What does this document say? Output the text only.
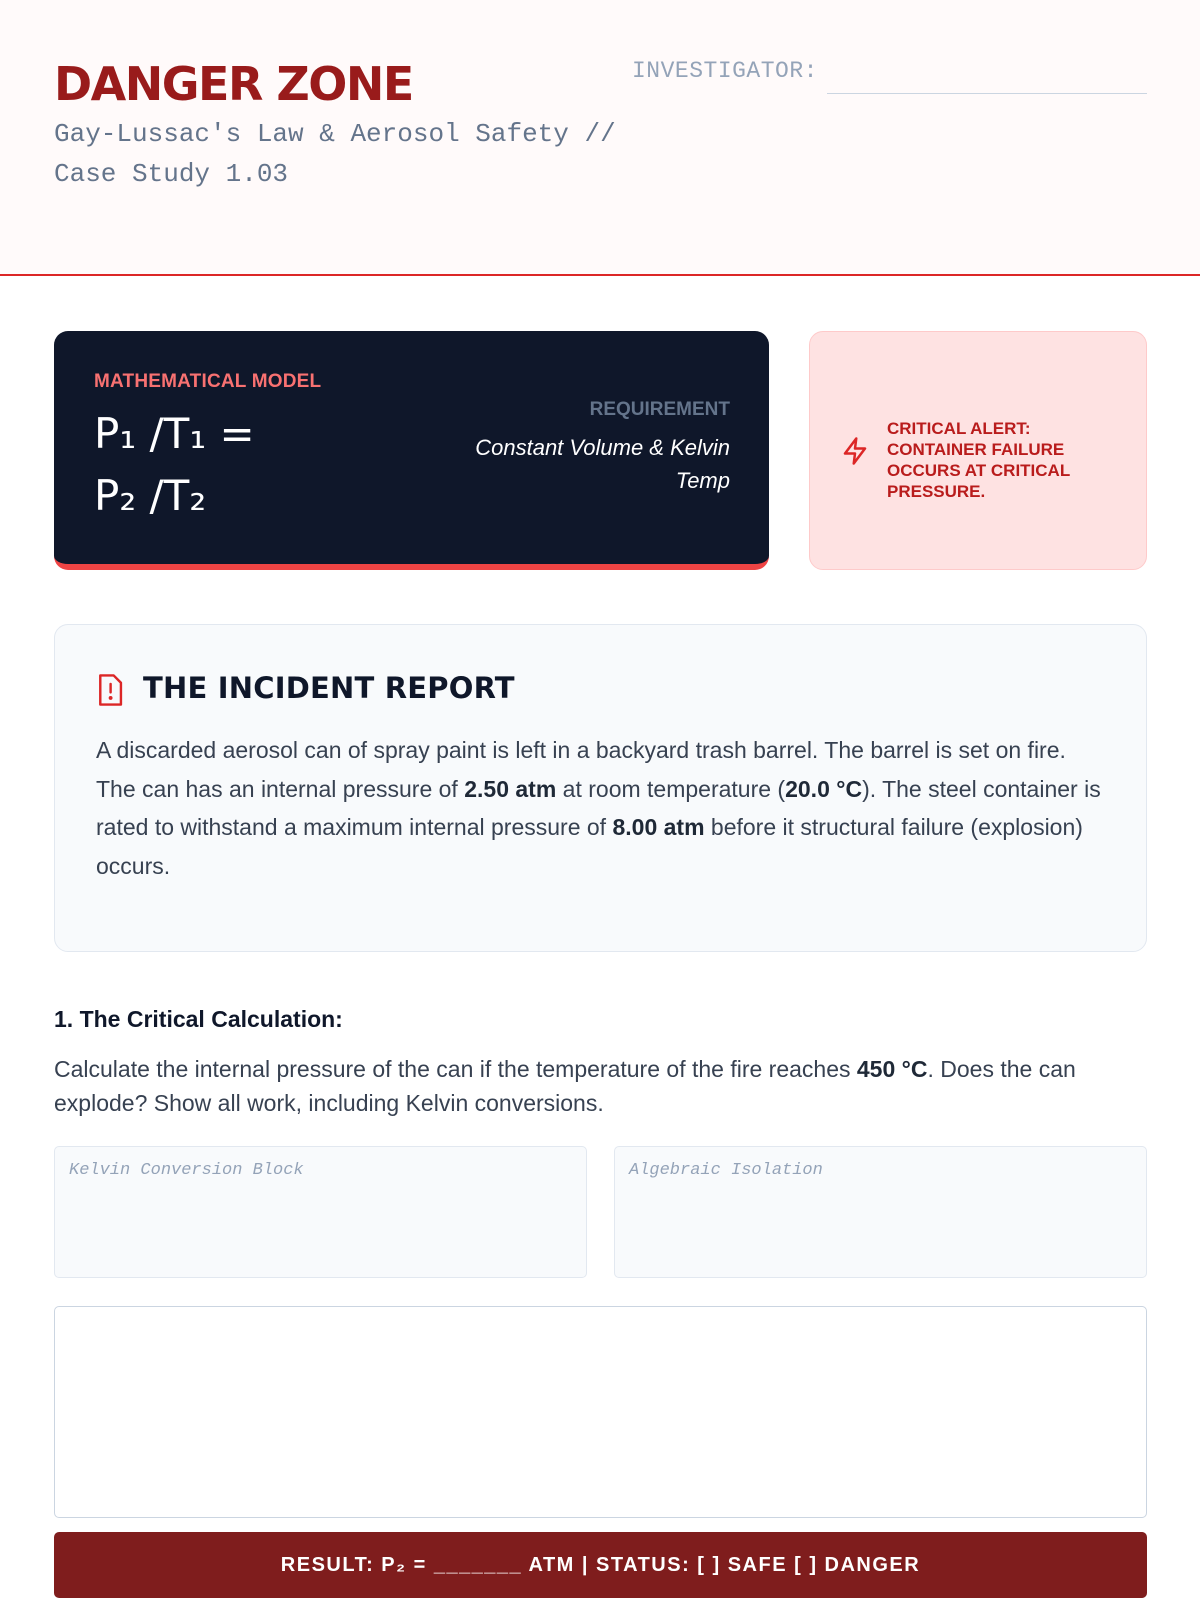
DANGER ZONE
Gay-Lussac's Law & Aerosol Safety // Case Study 1.03
INVESTIGATOR:
MATHEMATICAL MODEL
P₁ /T₁ =
P₂ /T₂
REQUIREMENT
Constant Volume & Kelvin Temp
CRITICAL ALERT: CONTAINER FAILURE OCCURS AT CRITICAL PRESSURE.
THE INCIDENT REPORT

A discarded aerosol can of spray paint is left in a backyard trash barrel. The barrel is set on fire. The can has an internal pressure of 2.50 atm at room temperature (20.0 °C). The steel container is rated to withstand a maximum internal pressure of 8.00 atm before it structural failure (explosion) occurs.

1. The Critical Calculation:

Calculate the internal pressure of the can if the temperature of the fire reaches 450 °C. Does the can explode? Show all work, including Kelvin conversions.

Kelvin Conversion Block	Algebraic Isolation
RESULT: P₂ = _______ ATM | STATUS: [ ] SAFE [ ] DANGER
